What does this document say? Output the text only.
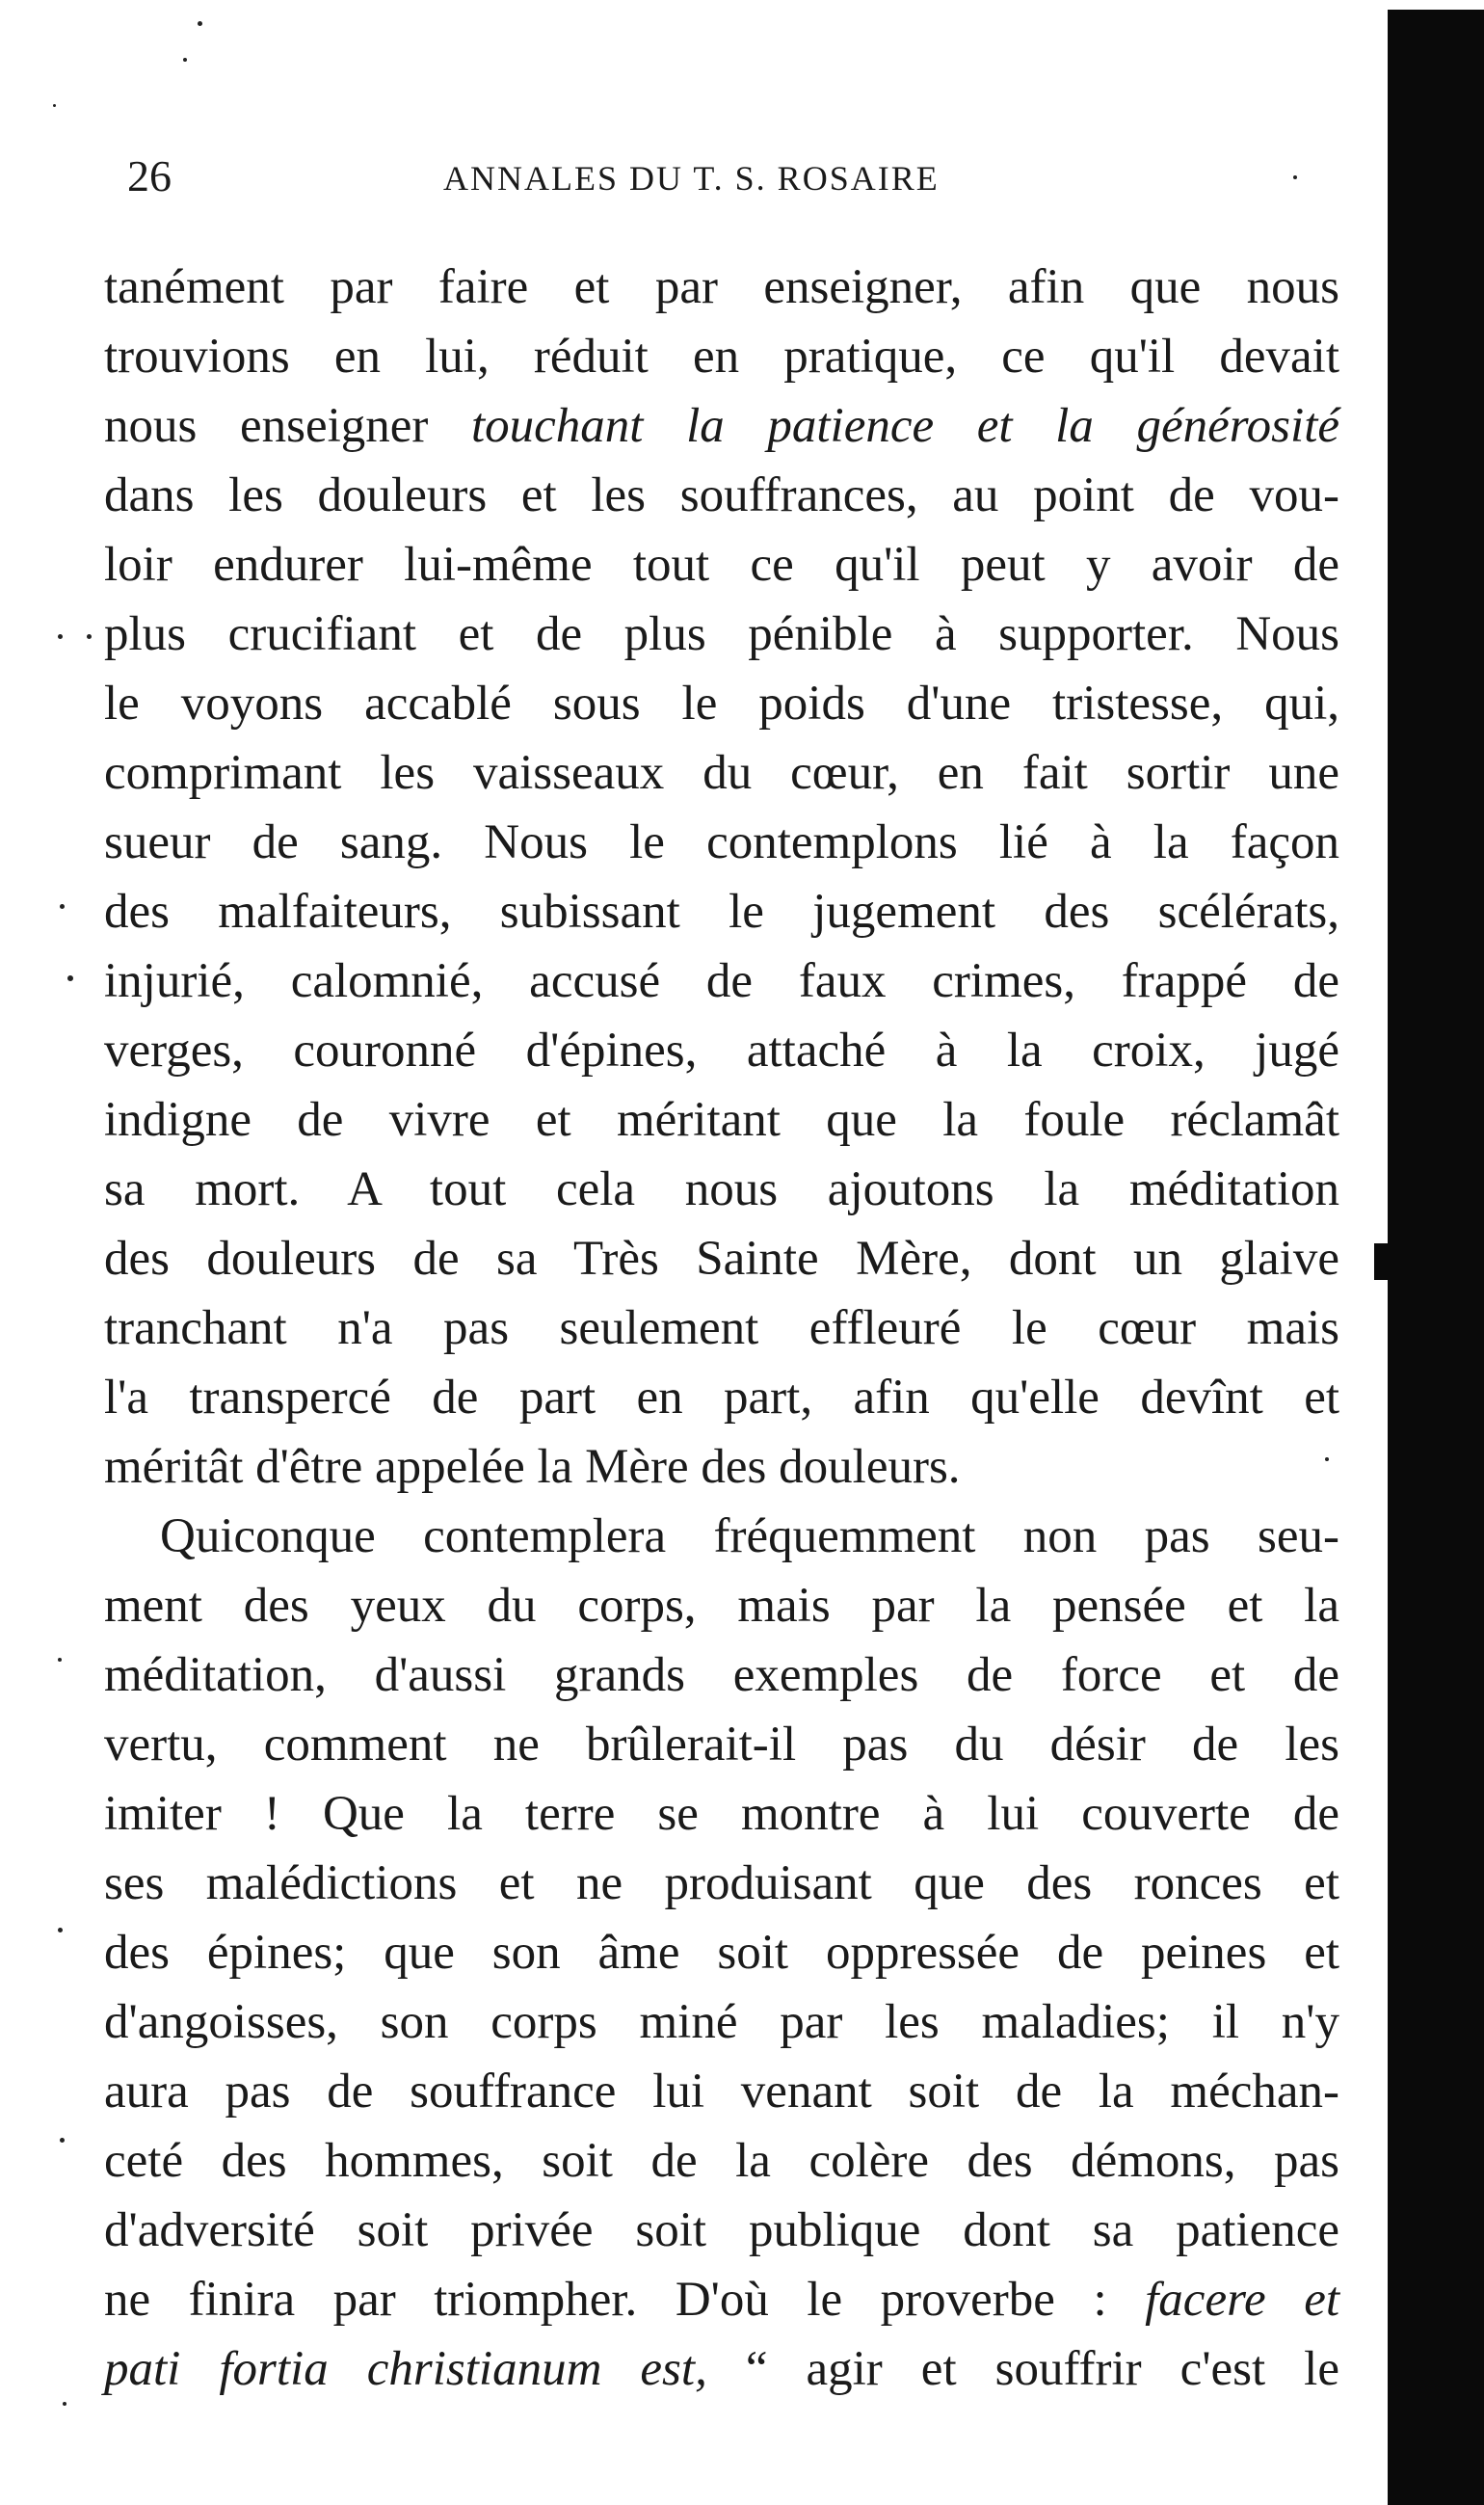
26	ANNALES DU T. S. ROSAIRE
tanément par faire et par enseigner, afin que nous
trouvions en lui, réduit en pratique, ce qu'il devait
nous enseigner touchant la patience et la générosité
dans les douleurs et les souffrances, au point de vou-
loir endurer lui-même tout ce qu'il peut y avoir de
plus crucifiant et de plus pénible à supporter. Nous
le voyons accablé sous le poids d'une tristesse, qui,
comprimant les vaisseaux du cœur, en fait sortir une
sueur de sang. Nous le contemplons lié à la façon
des malfaiteurs, subissant le jugement des scélérats,
injurié, calomnié, accusé de faux crimes, frappé de
verges, couronné d'épines, attaché à la croix, jugé
indigne de vivre et méritant que la foule réclamât
sa mort. A tout cela nous ajoutons la méditation
des douleurs de sa Très Sainte Mère, dont un glaive
tranchant n'a pas seulement effleuré le cœur mais
l'a transpercé de part en part, afin qu'elle devînt et
méritât d'être appelée la Mère des douleurs.
Quiconque contemplera fréquemment non pas seu-
ment des yeux du corps, mais par la pensée et la
méditation, d'aussi grands exemples de force et de
vertu, comment ne brûlerait-il pas du désir de les
imiter ! Que la terre se montre à lui couverte de
ses malédictions et ne produisant que des ronces et
des épines; que son âme soit oppressée de peines et
d'angoisses, son corps miné par les maladies; il n'y
aura pas de souffrance lui venant soit de la méchan-
ceté des hommes, soit de la colère des démons, pas
d'adversité soit privée soit publique dont sa patience
ne finira par triompher. D'où le proverbe : facere et
pati fortia christianum est, “ agir et souffrir c'est le
